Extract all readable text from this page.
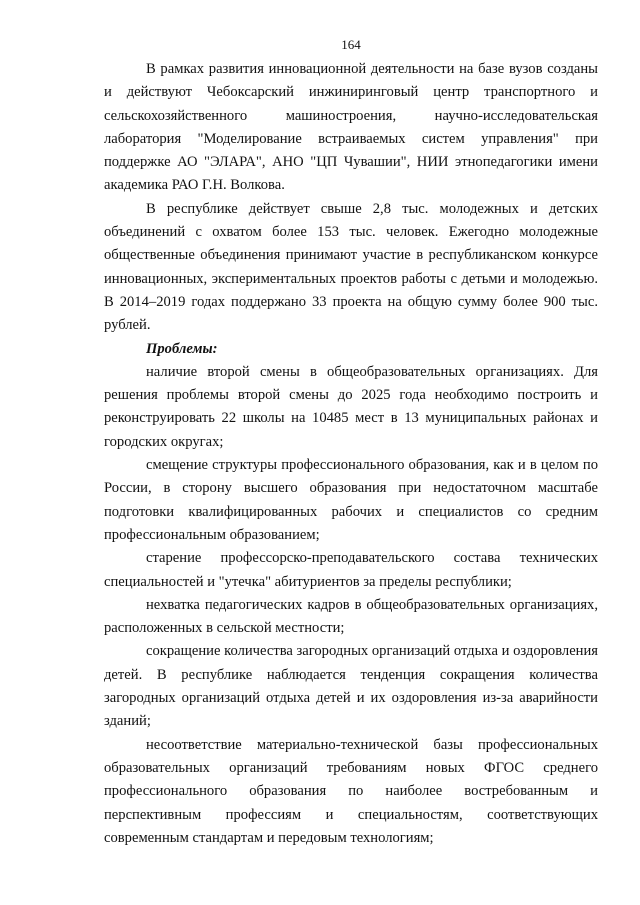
164

В рамках развития инновационной деятельности на базе вузов созданы и действуют Чебоксарский инжиниринговый центр транспортного и сельскохозяйственного машиностроения, научно-исследовательская лаборатория "Моделирование встраиваемых систем управления" при поддержке АО "ЭЛАРА", АНО "ЦП Чувашии", НИИ этнопедагогики имени академика РАО Г.Н. Волкова.

В республике действует свыше 2,8 тыс. молодежных и детских объединений с охватом более 153 тыс. человек. Ежегодно молодежные общественные объединения принимают участие в республиканском конкурсе инновационных, экспериментальных проектов работы с детьми и молодежью. В 2014–2019 годах поддержано 33 проекта на общую сумму более 900 тыс. рублей.

Проблемы:

наличие второй смены в общеобразовательных организациях. Для решения проблемы второй смены до 2025 года необходимо построить и реконструировать 22 школы на 10485 мест в 13 муниципальных районах и городских округах;

смещение структуры профессионального образования, как и в целом по России, в сторону высшего образования при недостаточном масштабе подготовки квалифицированных рабочих и специалистов со средним профессиональным образованием;

старение профессорско-преподавательского состава технических специальностей и "утечка" абитуриентов за пределы республики;

нехватка педагогических кадров в общеобразовательных организациях, расположенных в сельской местности;

сокращение количества загородных организаций отдыха и оздоровления детей. В республике наблюдается тенденция сокращения количества загородных организаций отдыха детей и их оздоровления из-за аварийности зданий;

несоответствие материально-технической базы профессиональных образовательных организаций требованиям новых ФГОС среднего профессионального образования по наиболее востребованным и перспективным профессиям и специальностям, соответствующих современным стандартам и передовым технологиям;
